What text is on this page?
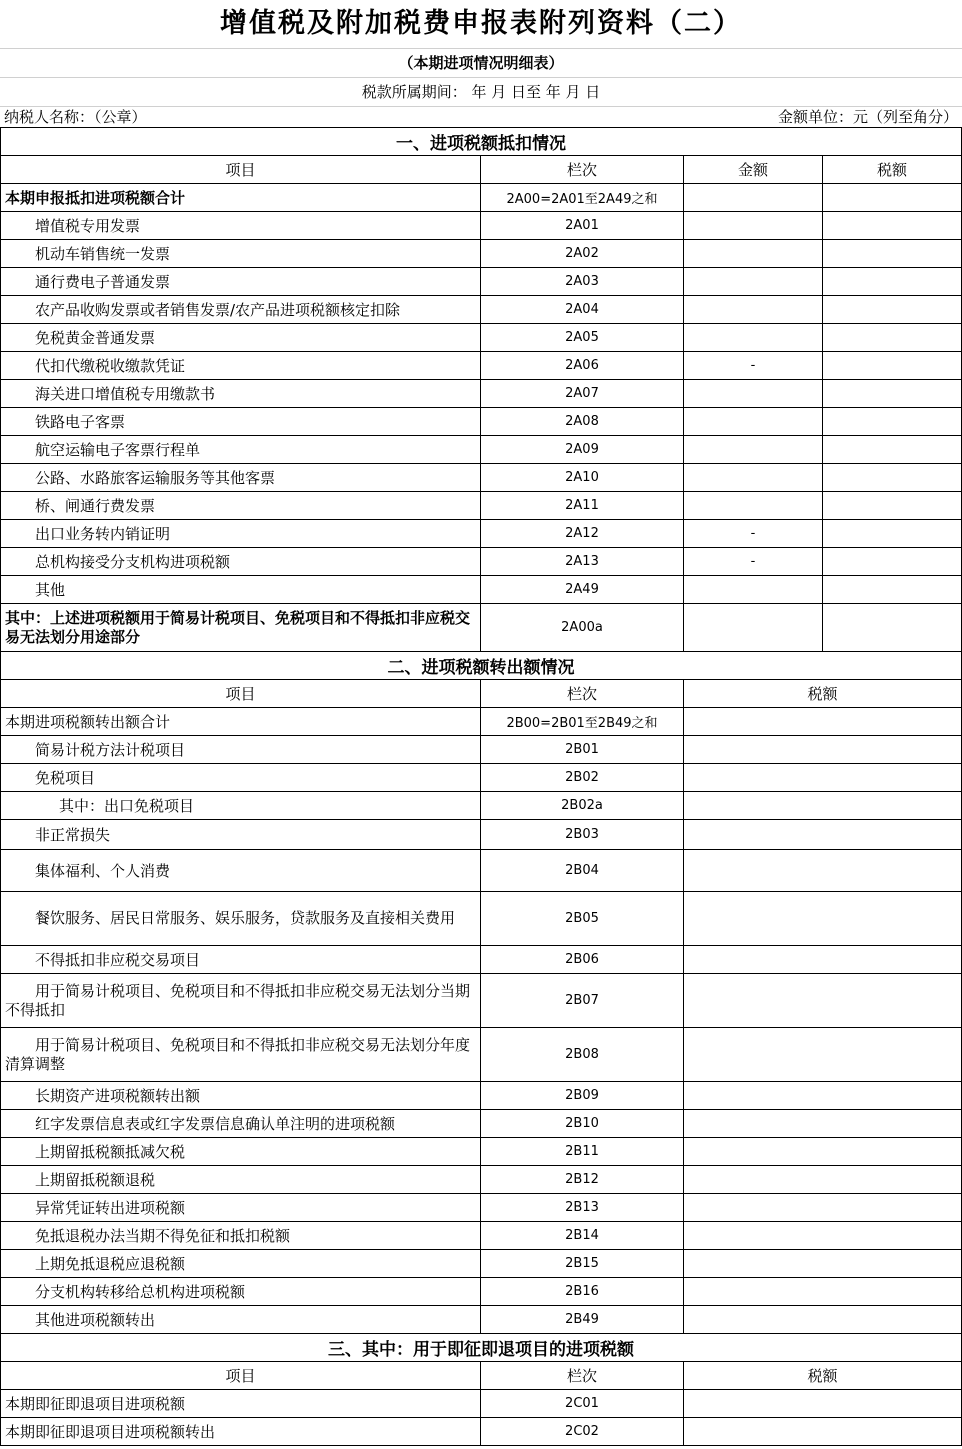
增值税及附加税费申报表附列资料（二）
（本期进项情况明细表）
税款所属期间： 年 月 日至 年 月 日
纳税人名称：（公章）	金额单位：元（列至角分）
一、进项税额抵扣情况			
项目	栏次	金额	税额
本期申报抵扣进项税额合计	2A00=2A01至2A49之和		
增值税专用发票	2A01		
机动车销售统一发票	2A02		
通行费电子普通发票	2A03		
农产品收购发票或者销售发票/农产品进项税额核定扣除	2A04		
免税黄金普通发票	2A05		
代扣代缴税收缴款凭证	2A06	-	
海关进口增值税专用缴款书	2A07		
铁路电子客票	2A08		
航空运输电子客票行程单	2A09		
公路、水路旅客运输服务等其他客票	2A10		
桥、闸通行费发票	2A11		
出口业务转内销证明	2A12	-	
总机构接受分支机构进项税额	2A13	-	
其他	2A49		
其中：上述进项税额用于简易计税项目、免税项目和不得抵扣非应税交易无法划分用途部分	2A00a		
二、进项税额转出额情况			
项目	栏次	税额	
本期进项税额转出额合计	2B00=2B01至2B49之和		
简易计税方法计税项目	2B01		
免税项目	2B02		
其中：出口免税项目	2B02a		
非正常损失	2B03		
集体福利、个人消费	2B04		
餐饮服务、居民日常服务、娱乐服务，贷款服务及直接相关费用	2B05		
不得抵扣非应税交易项目	2B06		
用于简易计税项目、免税项目和不得抵扣非应税交易无法划分当期不得抵扣	2B07		
用于简易计税项目、免税项目和不得抵扣非应税交易无法划分年度清算调整	2B08		
长期资产进项税额转出额	2B09		
红字发票信息表或红字发票信息确认单注明的进项税额	2B10		
上期留抵税额抵减欠税	2B11		
上期留抵税额退税	2B12		
异常凭证转出进项税额	2B13		
免抵退税办法当期不得免征和抵扣税额	2B14		
上期免抵退税应退税额	2B15		
分支机构转移给总机构进项税额	2B16		
其他进项税额转出	2B49		
三、其中：用于即征即退项目的进项税额			
项目	栏次	税额	
本期即征即退项目进项税额	2C01		
本期即征即退项目进项税额转出	2C02		
